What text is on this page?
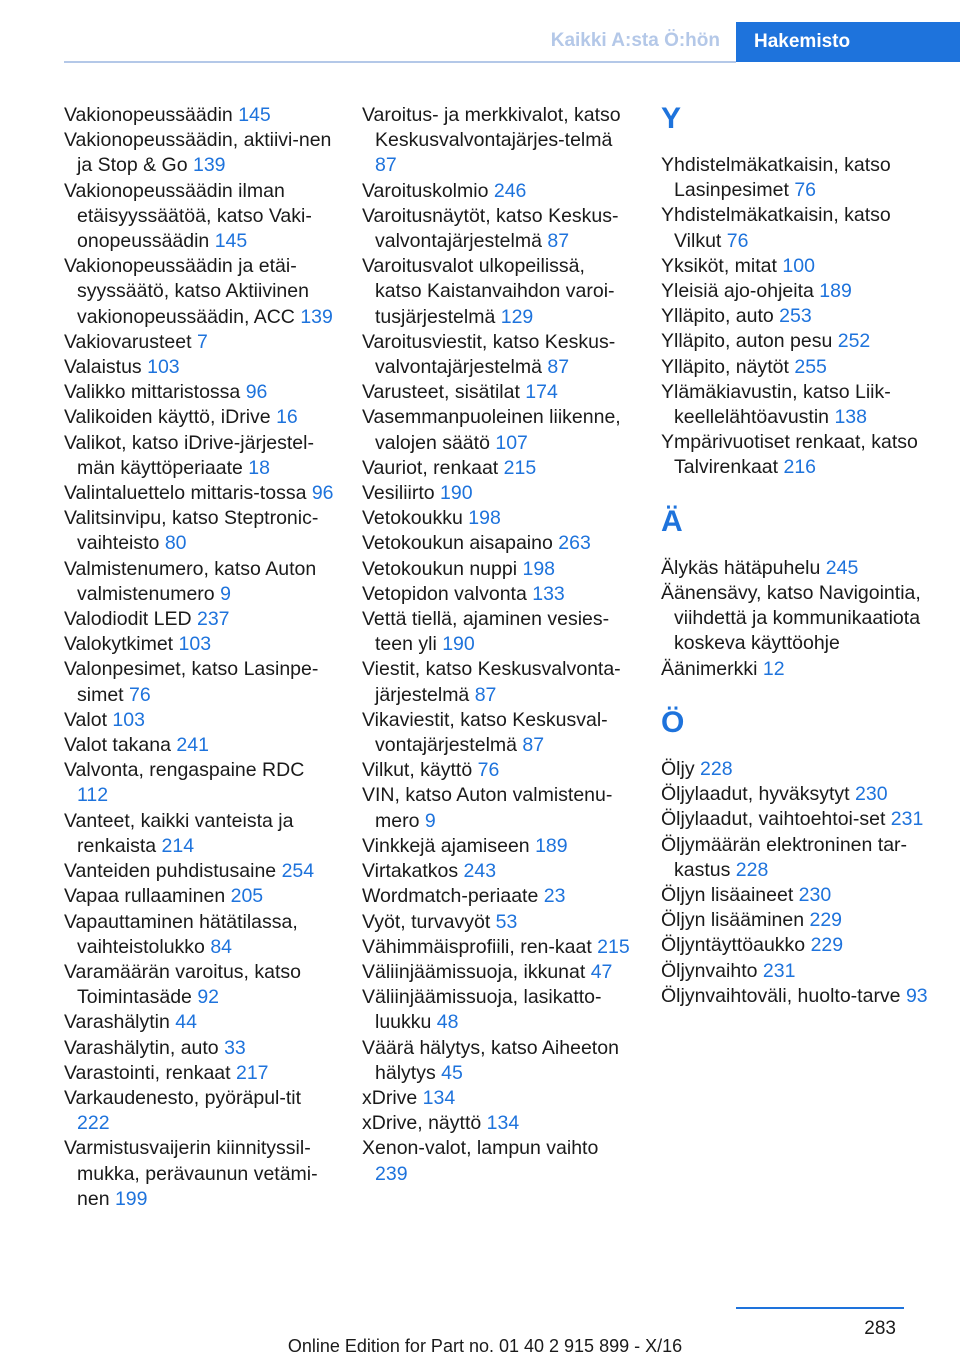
Kaikki A:sta Ö:hön	Hakemisto
Vakionopeussäädin 145
Vakionopeussäädin, aktiivi-nen ja Stop & Go 139
Vakionopeussäädin ilman etäisyyssäätöä, katso Vaki-onopeussäädin 145
Vakionopeussäädin ja etäi-syyssäätö, katso Aktiivinen vakionopeussäädin, ACC 139
Vakiovarusteet 7
Valaistus 103
Valikko mittaristossa 96
Valikoiden käyttö, iDrive 16
Valikot, katso iDrive-järjestel-män käyttöperiaate 18
Valintaluettelo mittaris-tossa 96
Valitsinvipu, katso Steptronic-vaihteisto 80
Valmistenumero, katso Auton valmistenumero 9
Valodiodit LED 237
Valokytkimet 103
Valonpesimet, katso Lasinpe-simet 76
Valot 103
Valot takana 241
Valvonta, rengaspaine RDC 112
Vanteet, kaikki vanteista ja renkaista 214
Vanteiden puhdistusaine 254
Vapaa rullaaminen 205
Vapauttaminen hätätilassa, vaihteistolukko 84
Varamäärän varoitus, katso Toimintasäde 92
Varashälytin 44
Varashälytin, auto 33
Varastointi, renkaat 217
Varkaudenesto, pyöräpul-tit 222
Varmistusvaijerin kiinnityssil-mukka, perävaunun vetämi-nen 199
Varoitus- ja merkkivalot, katso Keskusvalvontajärjes-telmä 87
Varoituskolmio 246
Varoitusnäytöt, katso Keskus-valvontajärjestelmä 87
Varoitusvalot ulkopeilissä, katso Kaistanvaihdon varoi-tusjärjestelmä 129
Varoitusviestit, katso Keskus-valvontajärjestelmä 87
Varusteet, sisätilat 174
Vasemmanpuoleinen liikenne, valojen säätö 107
Vauriot, renkaat 215
Vesiliirto 190
Vetokoukku 198
Vetokoukun aisapaino 263
Vetokoukun nuppi 198
Vetopidon valvonta 133
Vettä tiellä, ajaminen vesies-teen yli 190
Viestit, katso Keskusvalvonta-järjestelmä 87
Vikaviestit, katso Keskusval-vontajärjestelmä 87
Vilkut, käyttö 76
VIN, katso Auton valmistenu-mero 9
Vinkkejä ajamiseen 189
Virtakatkos 243
Wordmatch-periaate 23
Vyöt, turvavyöt 53
Vähimmäisprofiili, ren-kaat 215
Väliinjäämissuoja, ikkunat 47
Väliinjäämissuoja, lasikatto-luukku 48
Väärä hälytys, katso Aiheeton hälytys 45
xDrive 134
xDrive, näyttö 134
Xenon-valot, lampun vaihto 239
Y
Yhdistelmäkatkaisin, katso Lasinpesimet 76
Yhdistelmäkatkaisin, katso Vilkut 76
Yksiköt, mitat 100
Yleisiä ajo-ohjeita 189
Ylläpito, auto 253
Ylläpito, auton pesu 252
Ylläpito, näytöt 255
Ylämäkiavustin, katso Liik-keellelähtöavustin 138
Ympärivuotiset renkaat, katso Talvirenkaat 216
Ä
Älykäs hätäpuhelu 245
Äänensävy, katso Navigointia, viihdettä ja kommunikaatiota koskeva käyttöohje
Äänimerkki 12
Ö
Öljy 228
Öljylaadut, hyväksytyt 230
Öljylaadut, vaihtoehtoi-set 231
Öljymäärän elektroninen tar-kastus 228
Öljyn lisäaineet 230
Öljyn lisääminen 229
Öljyntäyttöaukko 229
Öljynvaihto 231
Öljynvaihtoväli, huolto-tarve 93
283
Online Edition for Part no. 01 40 2 915 899 - X/16
